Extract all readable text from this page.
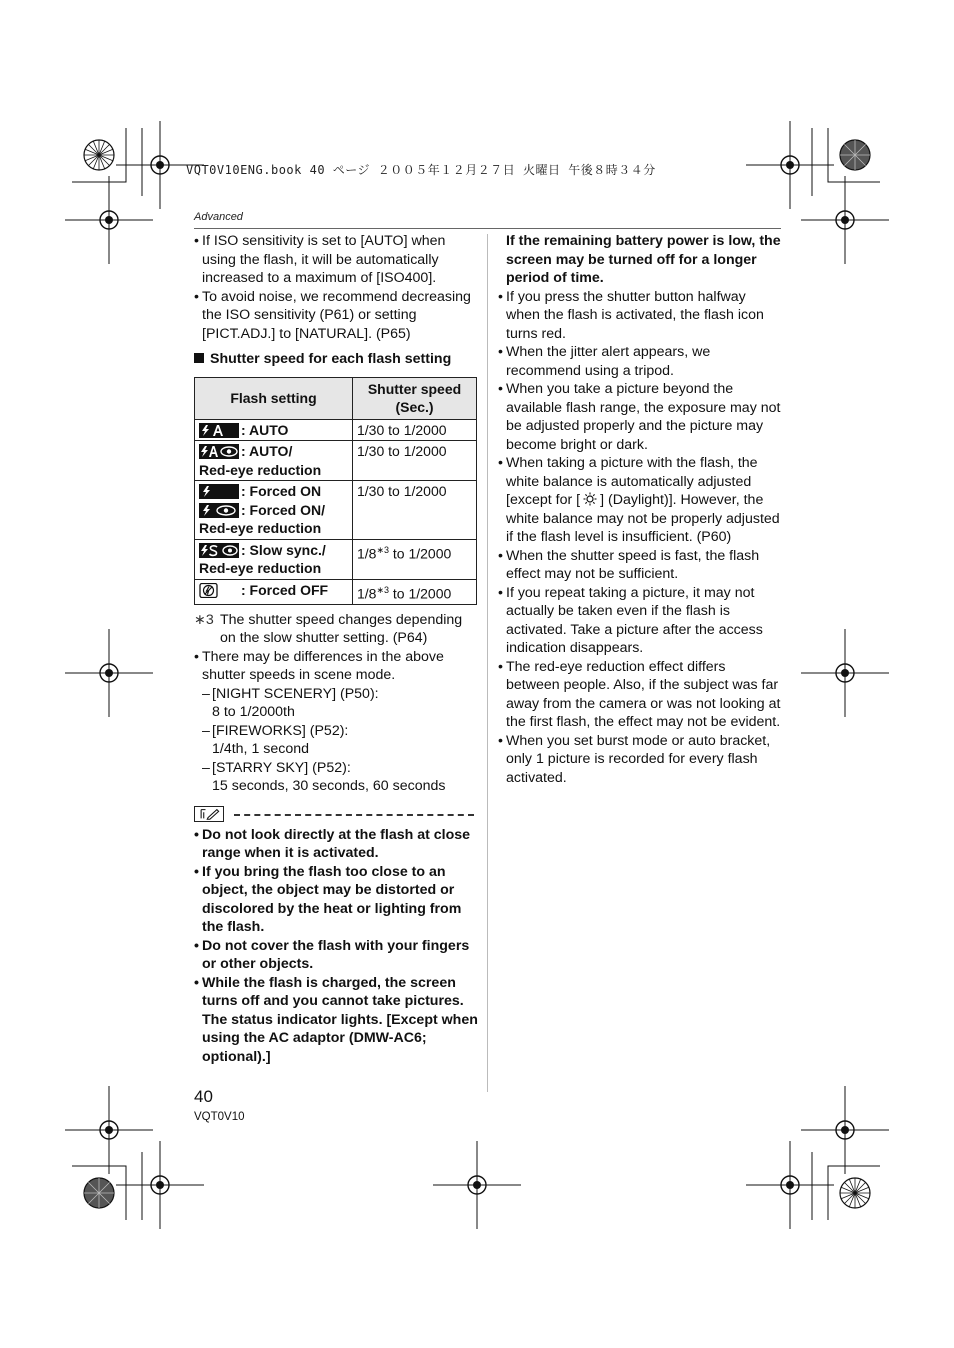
VQT0V10ENG.book 40 ページ ２００５年１２月２７日 火曜日 午後８時３４分
Advanced

• If ISO sensitivity is set to [AUTO] when using the flash, it will be automatically increased to a maximum of [ISO400].

• To avoid noise, we recommend decreasing the ISO sensitivity (P61) or setting [PICT.ADJ.] to [NATURAL]. (P65)

Shutter speed for each flash setting

Flash setting	Shutter speed (Sec.)
: AUTO	1/30 to 1/2000
: AUTO/
Red-eye reduction	1/30 to 1/2000
: Forced ON
: Forced ON/
Red-eye reduction	1/30 to 1/2000
: Slow sync./
Red-eye reduction	$1/8^{∗3}$ to 1/2000
: Forced OFF	$1/8^{∗3}$ to 1/2000

∗3 The shutter speed changes depending on the slow shutter setting. (P64)

• There may be differences in the above shutter speeds in scene mode.

– [NIGHT SCENERY] (P50):

8 to 1/2000th

– [FIREWORKS] (P52):

1/4th, 1 second

– [STARRY SKY] (P52):

15 seconds, 30 seconds, 60 seconds

• Do not look directly at the flash at close range when it is activated.

• If you bring the flash too close to an object, the object may be distorted or discolored by the heat or lighting from the flash.

• Do not cover the flash with your fingers or other objects.

• While the flash is charged, the screen turns off and you cannot take pictures. The status indicator lights. [Except when using the AC adaptor (DMW-AC6; optional).]

If the remaining battery power is low, the screen may be turned off for a longer period of time.

• If you press the shutter button halfway when the flash is activated, the flash icon turns red.

• When the jitter alert appears, we recommend using a tripod.

• When you take a picture beyond the available flash range, the exposure may not be adjusted properly and the picture may become bright or dark.

• When taking a picture with the flash, the white balance is automatically adjusted [except for [ ] (Daylight)]. However, the white balance may not be properly adjusted if the flash level is insufficient. (P60)

• When the shutter speed is fast, the flash effect may not be sufficient.

• If you repeat taking a picture, it may not actually be taken even if the flash is activated. Take a picture after the access indication disappears.

• The red-eye reduction effect differs between people. Also, if the subject was far away from the camera or was not looking at the first flash, the effect may not be evident.

• When you set burst mode or auto bracket, only 1 picture is recorded for every flash activated.

40
VQT0V10
